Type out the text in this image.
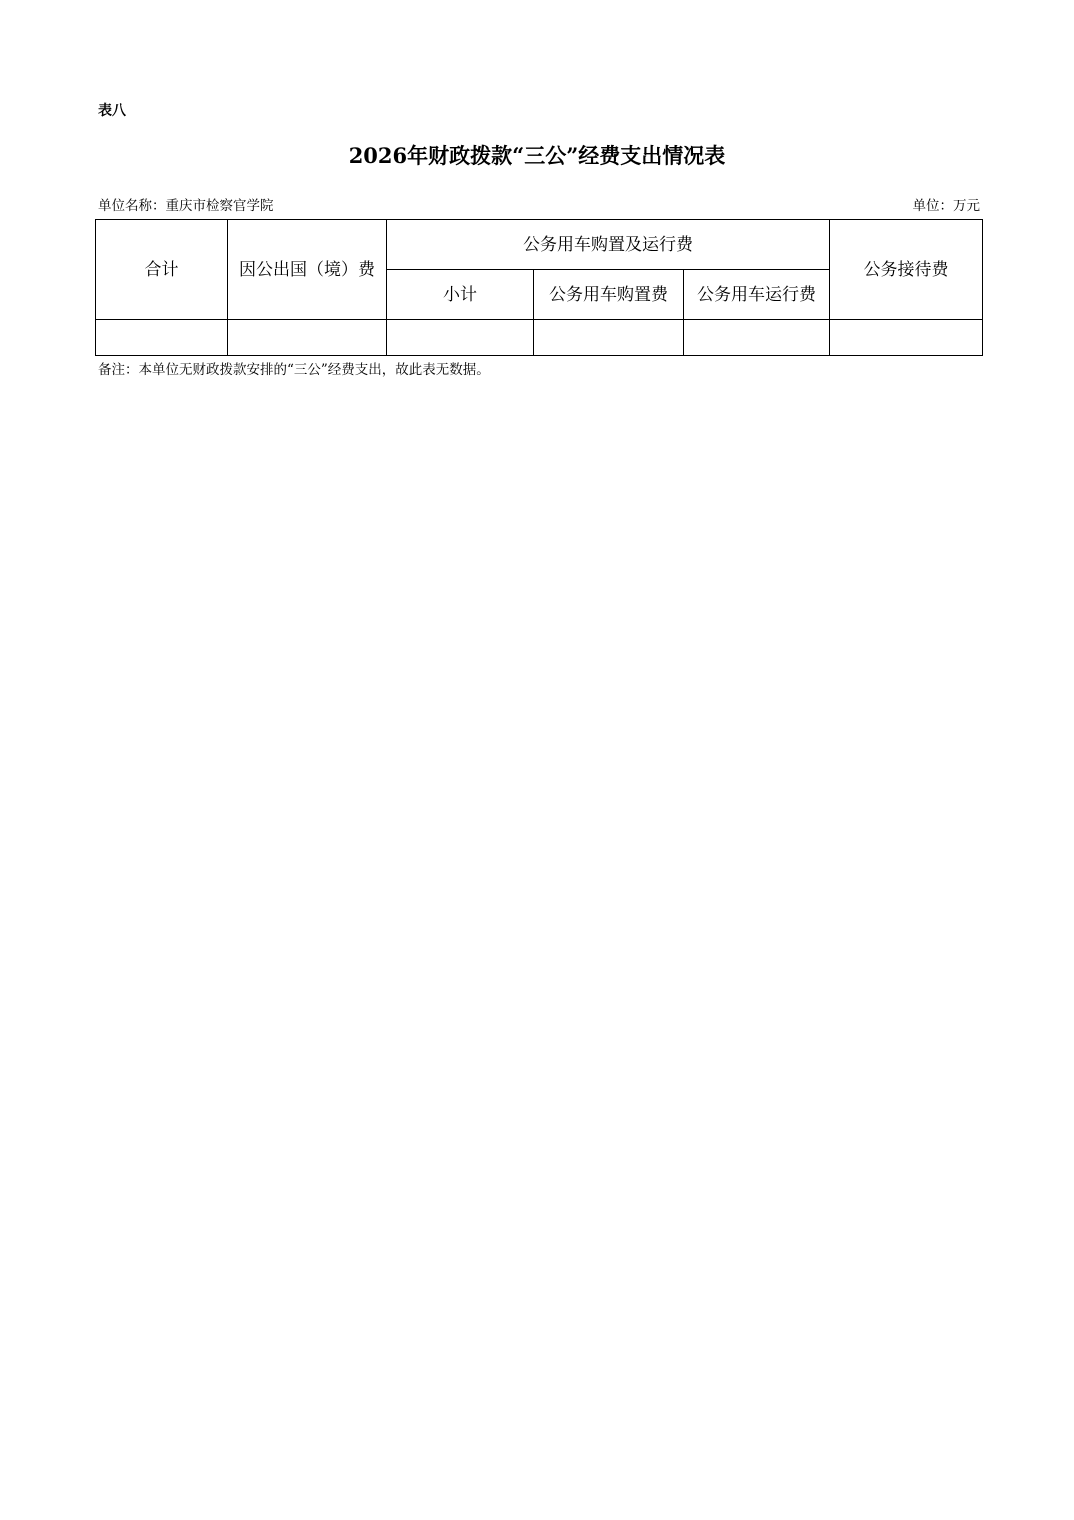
表八
2026年财政拨款“三公”经费支出情况表
单位名称：重庆市检察官学院	单位：万元
合计	因公出国（境）费	公务用车购置及运行费			公务接待费
		小计	公务用车购置费	公务用车运行费	

备注：本单位无财政拨款安排的“三公”经费支出，故此表无数据。
